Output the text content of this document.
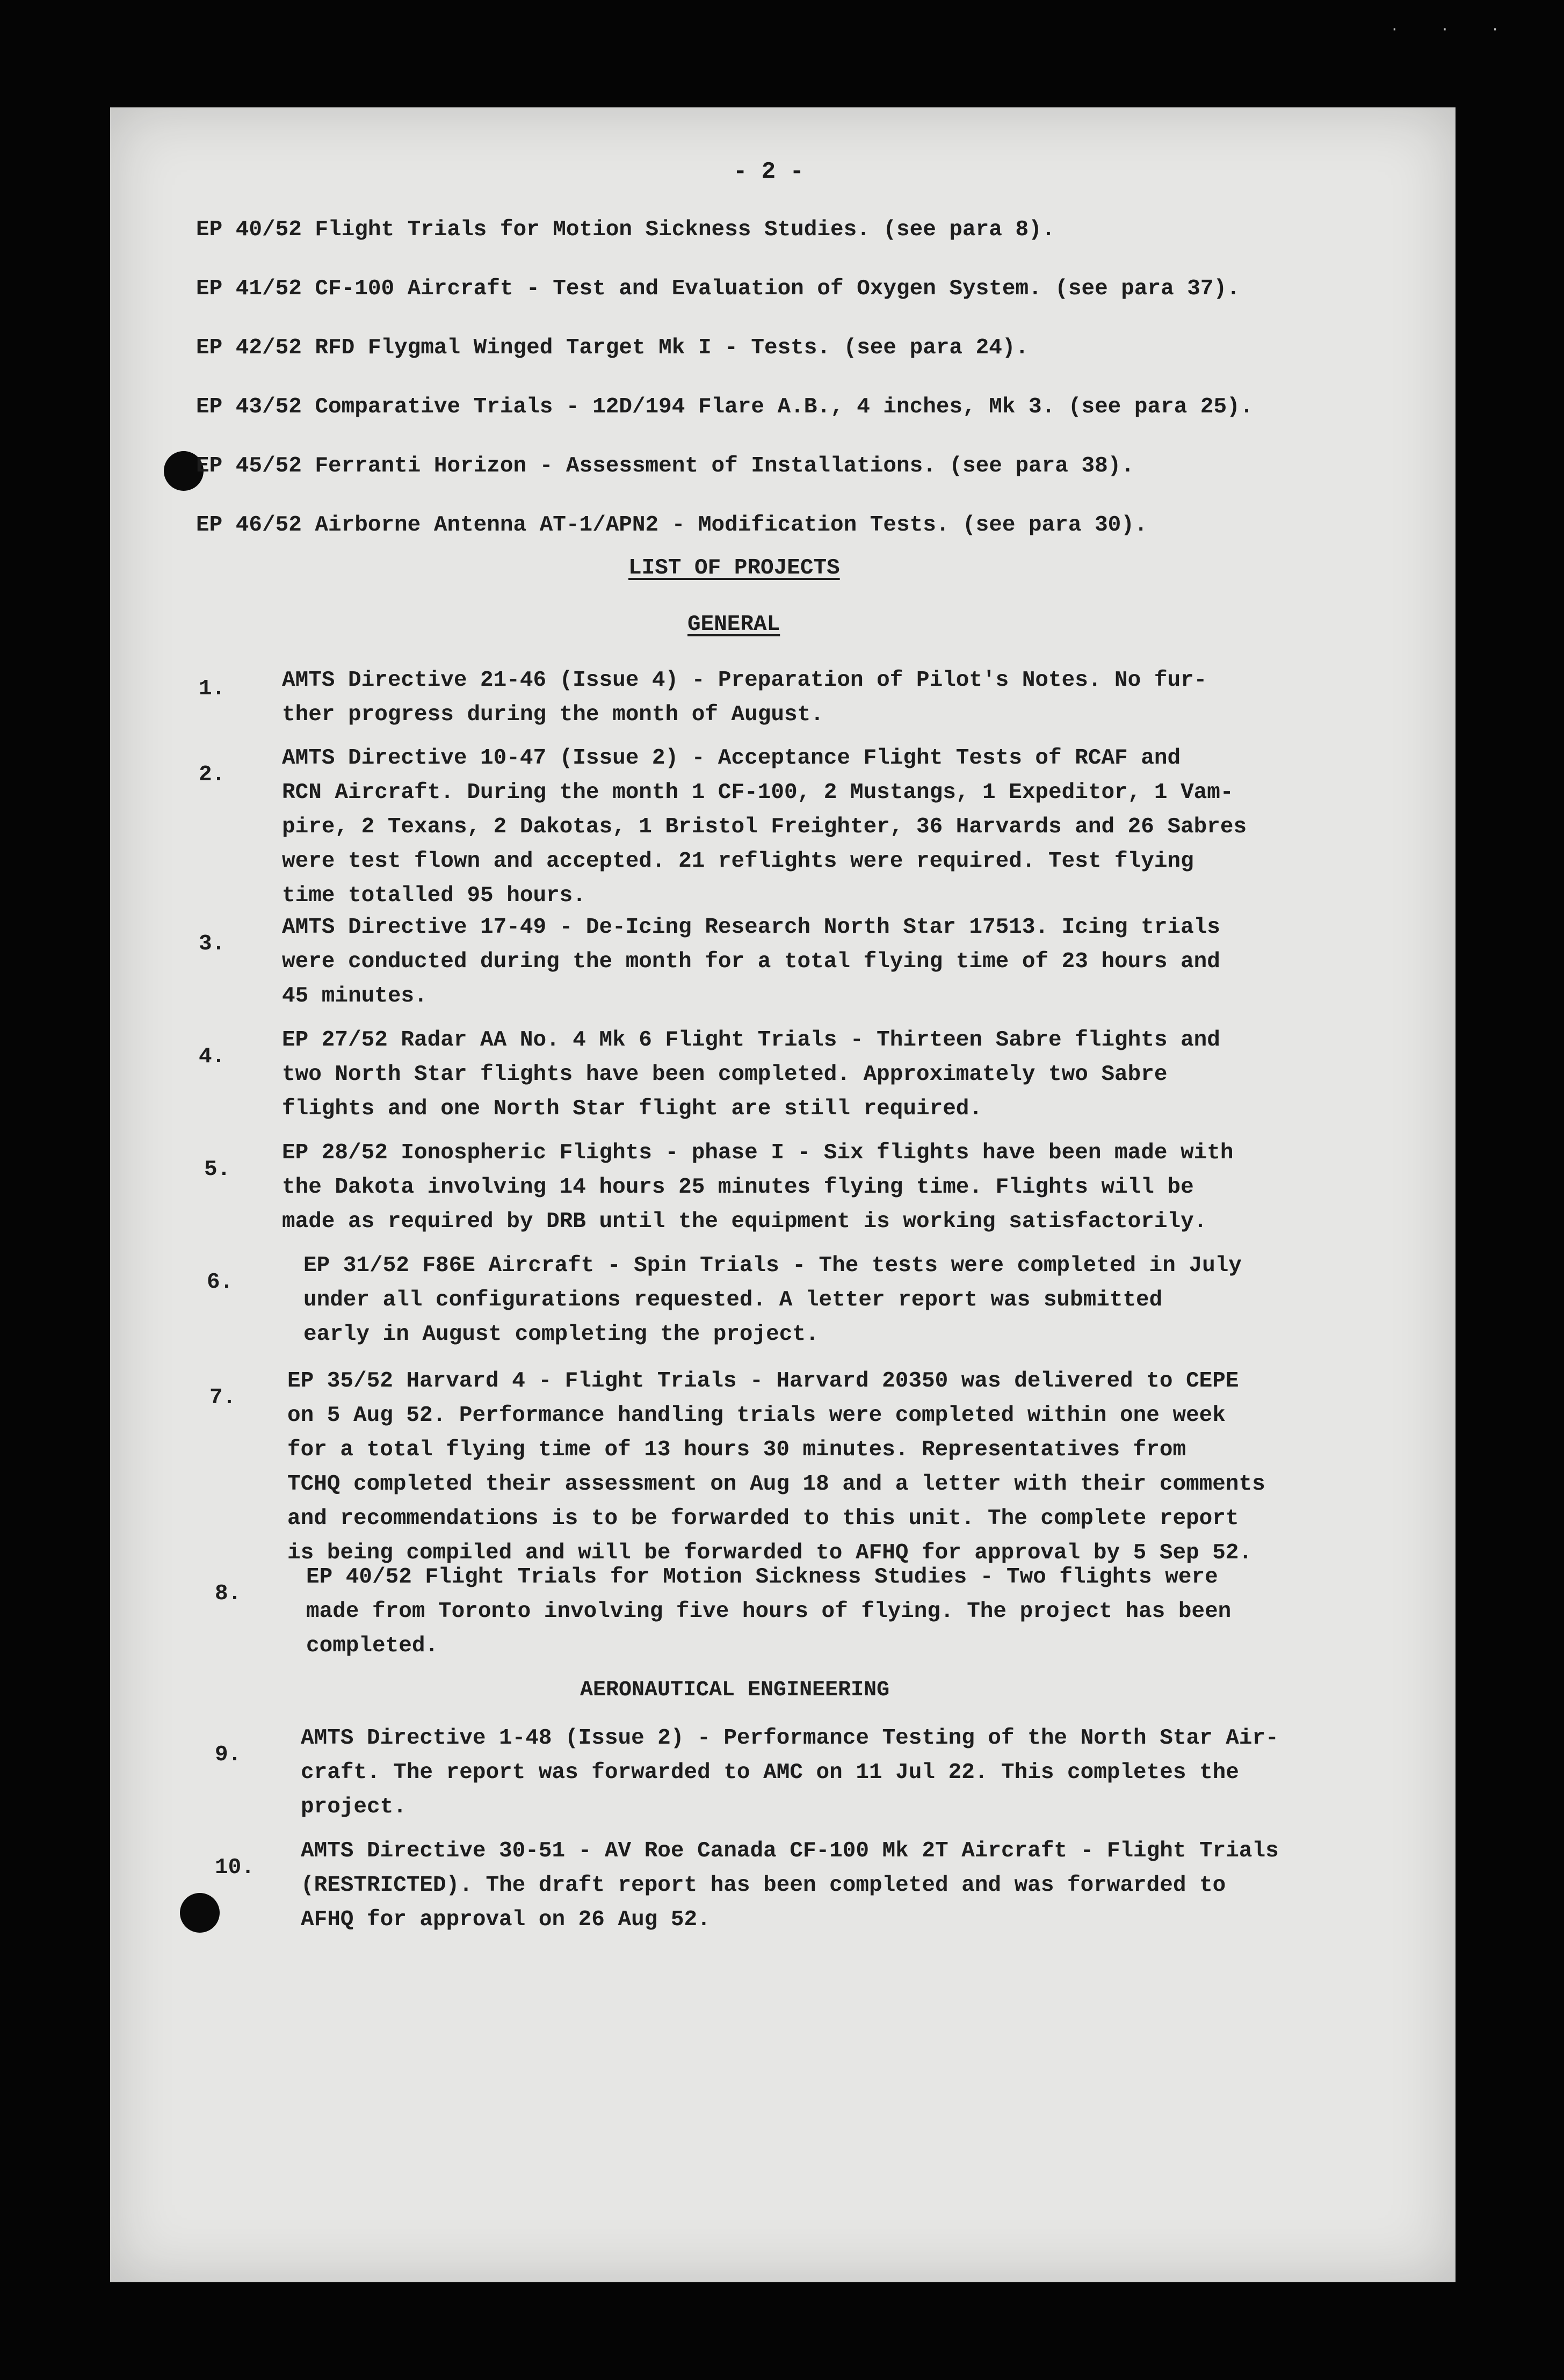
· · ·
- 2 -
EP 40/52 Flight Trials for Motion Sickness Studies. (see para 8).
EP 41/52 CF-100 Aircraft - Test and Evaluation of Oxygen System. (see para 37).
EP 42/52 RFD Flygmal Winged Target Mk I - Tests. (see para 24).
EP 43/52 Comparative Trials - 12D/194 Flare A.B., 4 inches, Mk 3. (see para 25).
EP 45/52 Ferranti Horizon - Assessment of Installations. (see para 38).
EP 46/52 Airborne Antenna AT-1/APN2 - Modification Tests. (see para 30).
LIST OF PROJECTS
GENERAL
1.	AMTS Directive 21-46 (Issue 4) - Preparation of Pilot's Notes. No fur-
ther progress during the month of August.
2.
AMTS Directive 10-47 (Issue 2) - Acceptance Flight Tests of RCAF and
RCN Aircraft. During the month 1 CF-100, 2 Mustangs, 1 Expeditor, 1 Vam-
pire, 2 Texans, 2 Dakotas, 1 Bristol Freighter, 36 Harvards and 26 Sabres
were test flown and accepted. 21 reflights were required. Test flying
time totalled 95 hours.
3.
AMTS Directive 17-49 - De-Icing Research North Star 17513. Icing trials
were conducted during the month for a total flying time of 23 hours and
45 minutes.
4.
EP 27/52 Radar AA No. 4 Mk 6 Flight Trials - Thirteen Sabre flights and
two North Star flights have been completed. Approximately two Sabre
flights and one North Star flight are still required.
5.
EP 28/52 Ionospheric Flights - phase I - Six flights have been made with
the Dakota involving 14 hours 25 minutes flying time. Flights will be
made as required by DRB until the equipment is working satisfactorily.
6.
EP 31/52 F86E Aircraft - Spin Trials - The tests were completed in July
under all configurations requested. A letter report was submitted
early in August completing the project.
7.
EP 35/52 Harvard 4 - Flight Trials - Harvard 20350 was delivered to CEPE
on 5 Aug 52. Performance handling trials were completed within one week
for a total flying time of 13 hours 30 minutes. Representatives from
TCHQ completed their assessment on Aug 18 and a letter with their comments
and recommendations is to be forwarded to this unit. The complete report
is being compiled and will be forwarded to AFHQ for approval by 5 Sep 52.
8.
EP 40/52 Flight Trials for Motion Sickness Studies - Two flights were
made from Toronto involving five hours of flying. The project has been
completed.
AERONAUTICAL ENGINEERING
9.
AMTS Directive 1-48 (Issue 2) - Performance Testing of the North Star Air-
craft. The report was forwarded to AMC on 11 Jul 22. This completes the
project.
10.
AMTS Directive 30-51 - AV Roe Canada CF-100 Mk 2T Aircraft - Flight Trials
(RESTRICTED). The draft report has been completed and was forwarded to
AFHQ for approval on 26 Aug 52.
